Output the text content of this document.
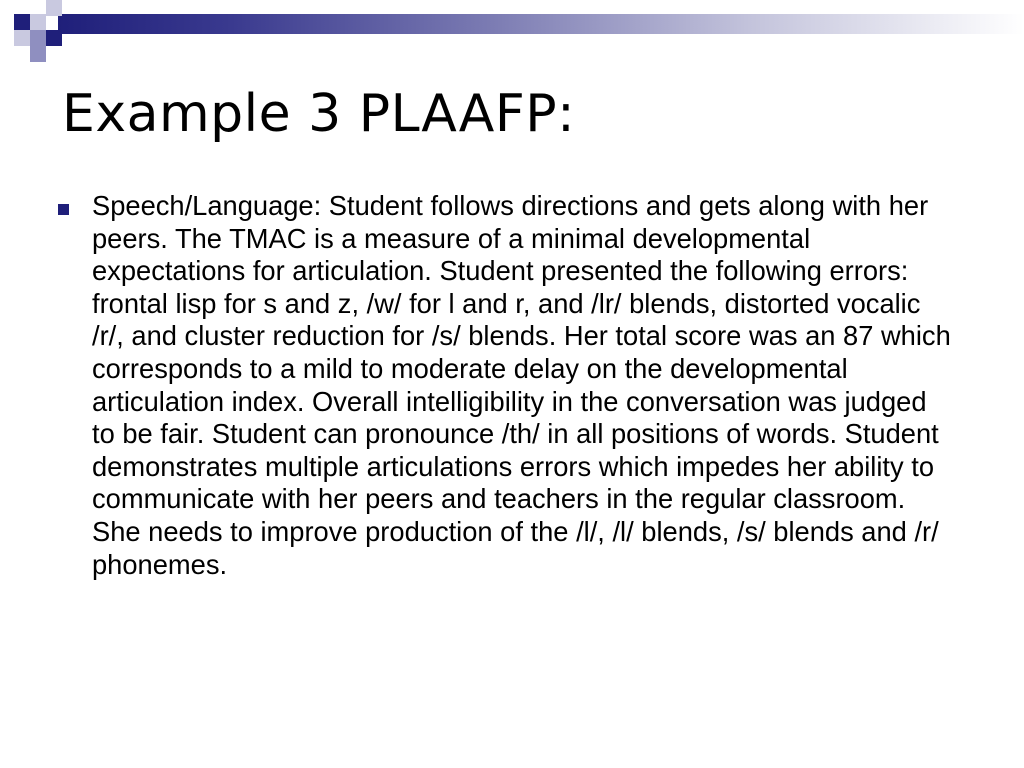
Example 3 PLAAFP:
Speech/Language: Student follows directions and gets along with her peers. The TMAC is a measure of a minimal developmental expectations for articulation. Student presented the following errors: frontal lisp for s and z, /w/ for l and r, and /lr/ blends, distorted vocalic /r/, and cluster reduction for /s/ blends. Her total score was an 87 which corresponds to a mild to moderate delay on the developmental articulation index. Overall intelligibility in the conversation was judged to be fair. Student can pronounce /th/ in all positions of words. Student demonstrates multiple articulations errors which impedes her ability to communicate with her peers and teachers in the regular classroom. She needs to improve production of the /l/, /l/ blends, /s/ blends and /r/ phonemes.
